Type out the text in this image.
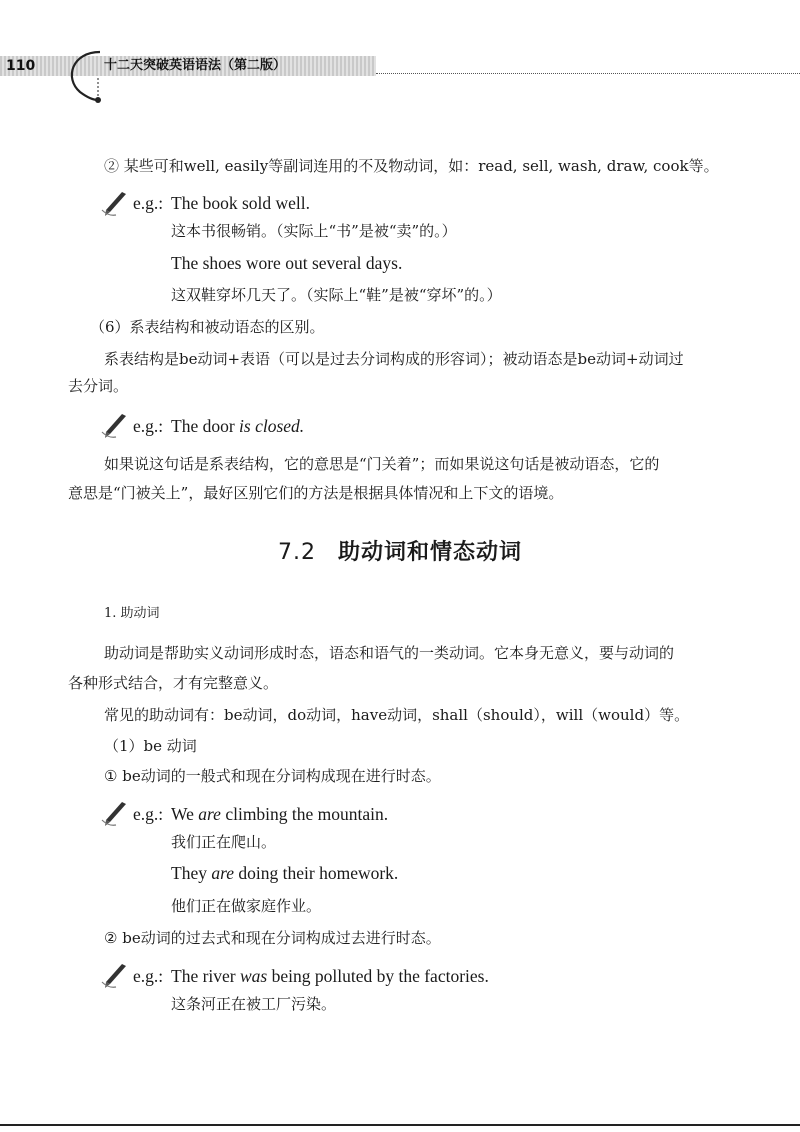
110	十二天突破英语语法（第二版）
② 某些可和well, easily等副词连用的不及物动词，如：read, sell, wash, draw, cook等。
e.g.: The book sold well.
这本书很畅销。（实际上“书”是被“卖”的。）
The shoes wore out several days.
这双鞋穿坏几天了。（实际上“鞋”是被“穿坏”的。）
（6）系表结构和被动语态的区别。
系表结构是be动词+表语（可以是过去分词构成的形容词）；被动语态是be动词+动词过
去分词。
e.g.: The door is closed.
如果说这句话是系表结构，它的意思是“门关着”；而如果说这句话是被动语态，它的
意思是“门被关上”，最好区别它们的方法是根据具体情况和上下文的语境。
7.2 助动词和情态动词
1. 助动词
助动词是帮助实义动词形成时态，语态和语气的一类动词。它本身无意义，要与动词的
各种形式结合，才有完整意义。
常见的助动词有：be动词，do动词，have动词，shall（should），will（would）等。
（1）be 动词
① be动词的一般式和现在分词构成现在进行时态。
e.g.: We are climbing the mountain.
我们正在爬山。
They are doing their homework.
他们正在做家庭作业。
② be动词的过去式和现在分词构成过去进行时态。
e.g.: The river was being polluted by the factories.
这条河正在被工厂污染。
